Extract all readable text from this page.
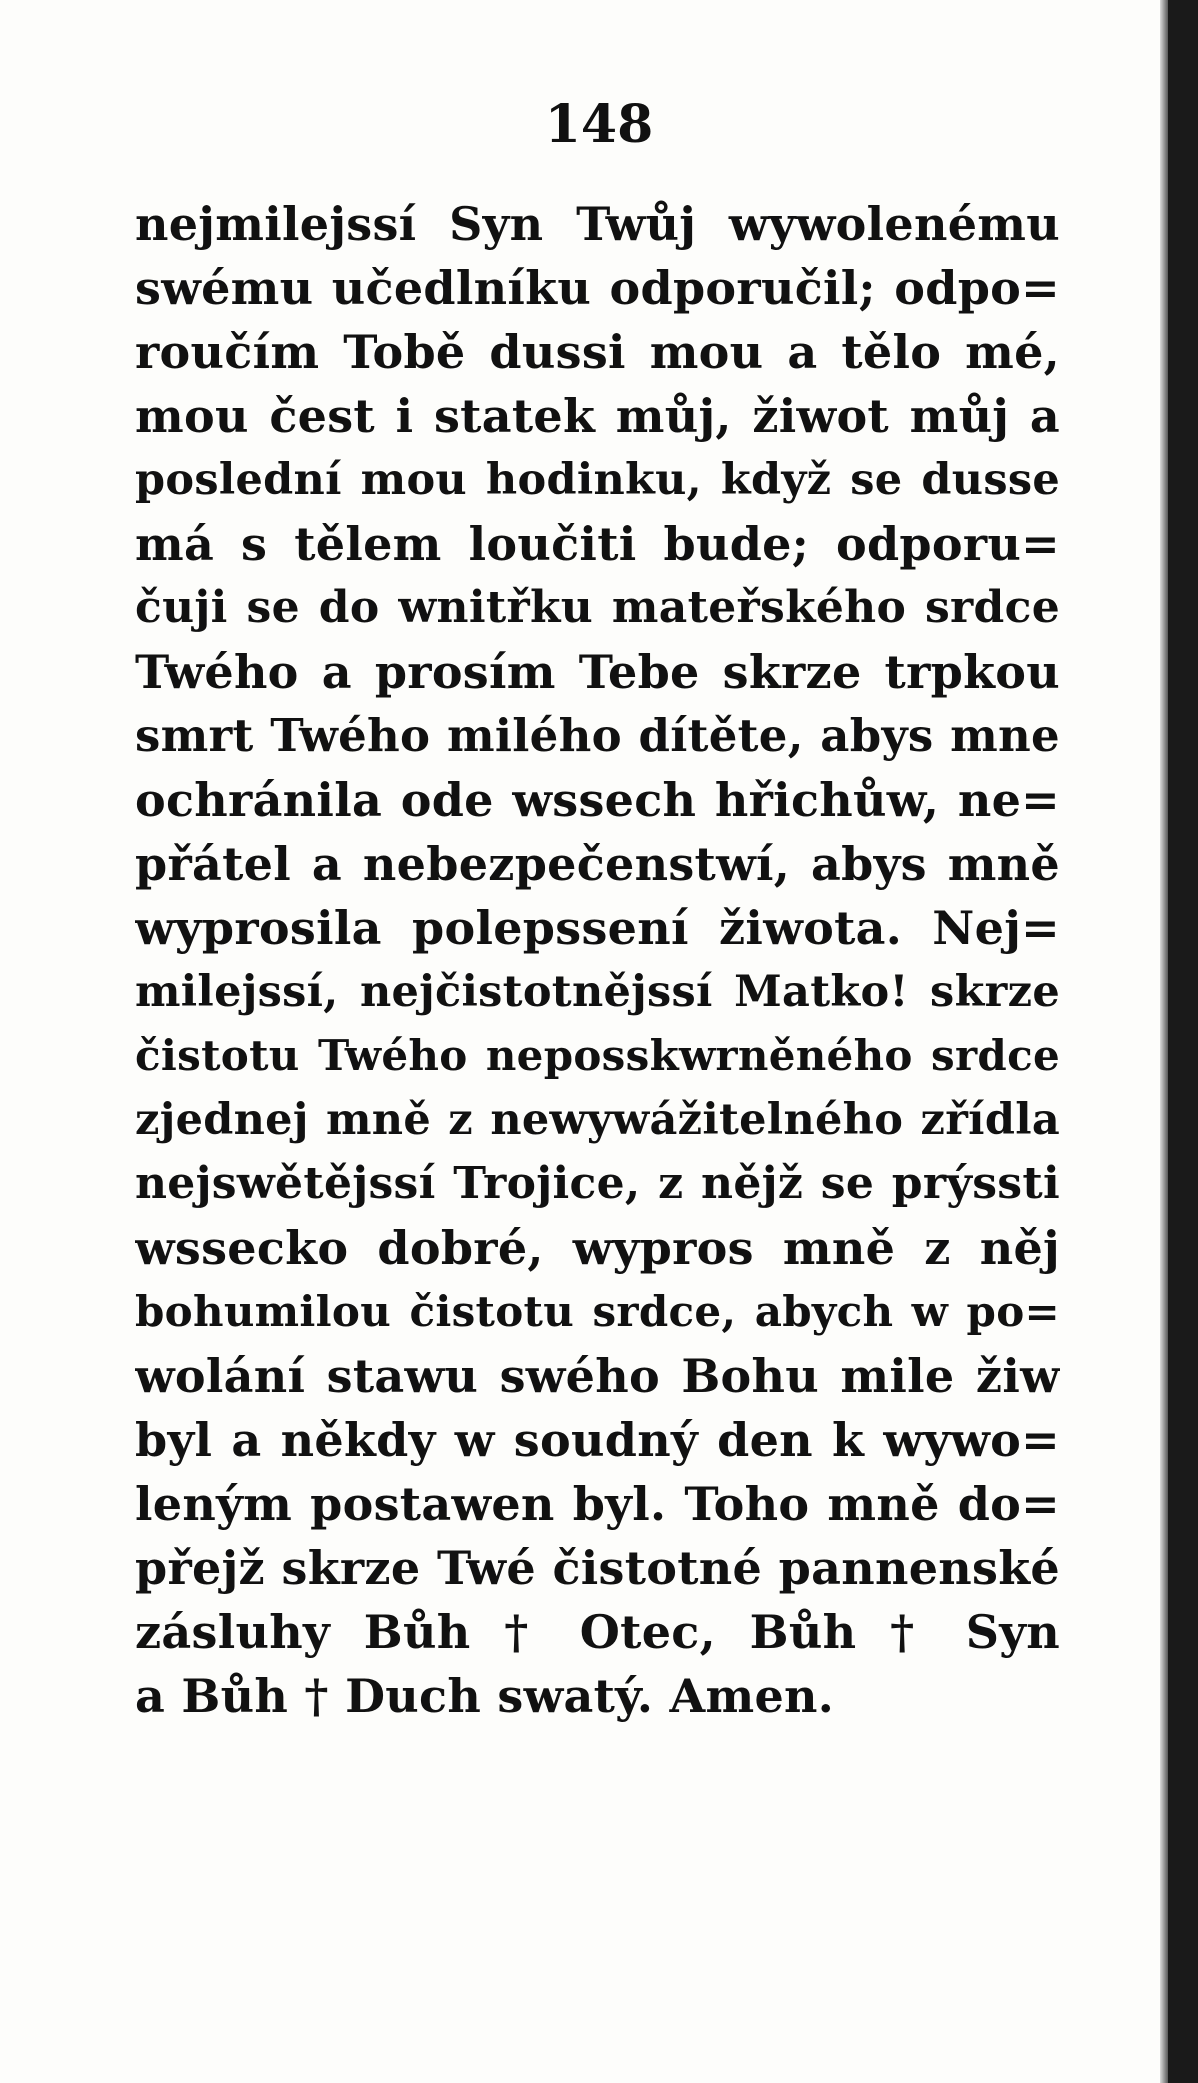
148
nejmilejssí Syn Twůj wywolenému
swému učedlníku odporučil; odpo=
roučím Tobě dussi mou a tělo mé,
mou čest i statek můj, žiwot můj a
poslední mou hodinku, když se dusse
má s tělem loučiti bude; odporu=
čuji se do wnitřku mateřského srdce
Twého a prosím Tebe skrze trpkou
smrt Twého milého dítěte, abys mne
ochránila ode wssech hřichůw, ne=
přátel a nebezpečenstwí, abys mně
wyprosila polepssení žiwota. Nej=
milejssí, nejčistotnějssí Matko! skrze
čistotu Twého neposskwrněného srdce
zjednej mně z newywážitelného zřídla
nejswětějssí Trojice, z nějž se prýssti
wsseckо dobré, wypros mně z něj
bohumilou čistotu srdce, abych w po=
wolání stawu swého Bohu mile žiw
byl a někdy w soudný den k wywo=
leným postawen byl. Toho mně do=
přejž skrze Twé čistotné pannenské
zásluhy Bůh † Otec, Bůh † Syn
a Bůh † Duch swatý. Amen.
